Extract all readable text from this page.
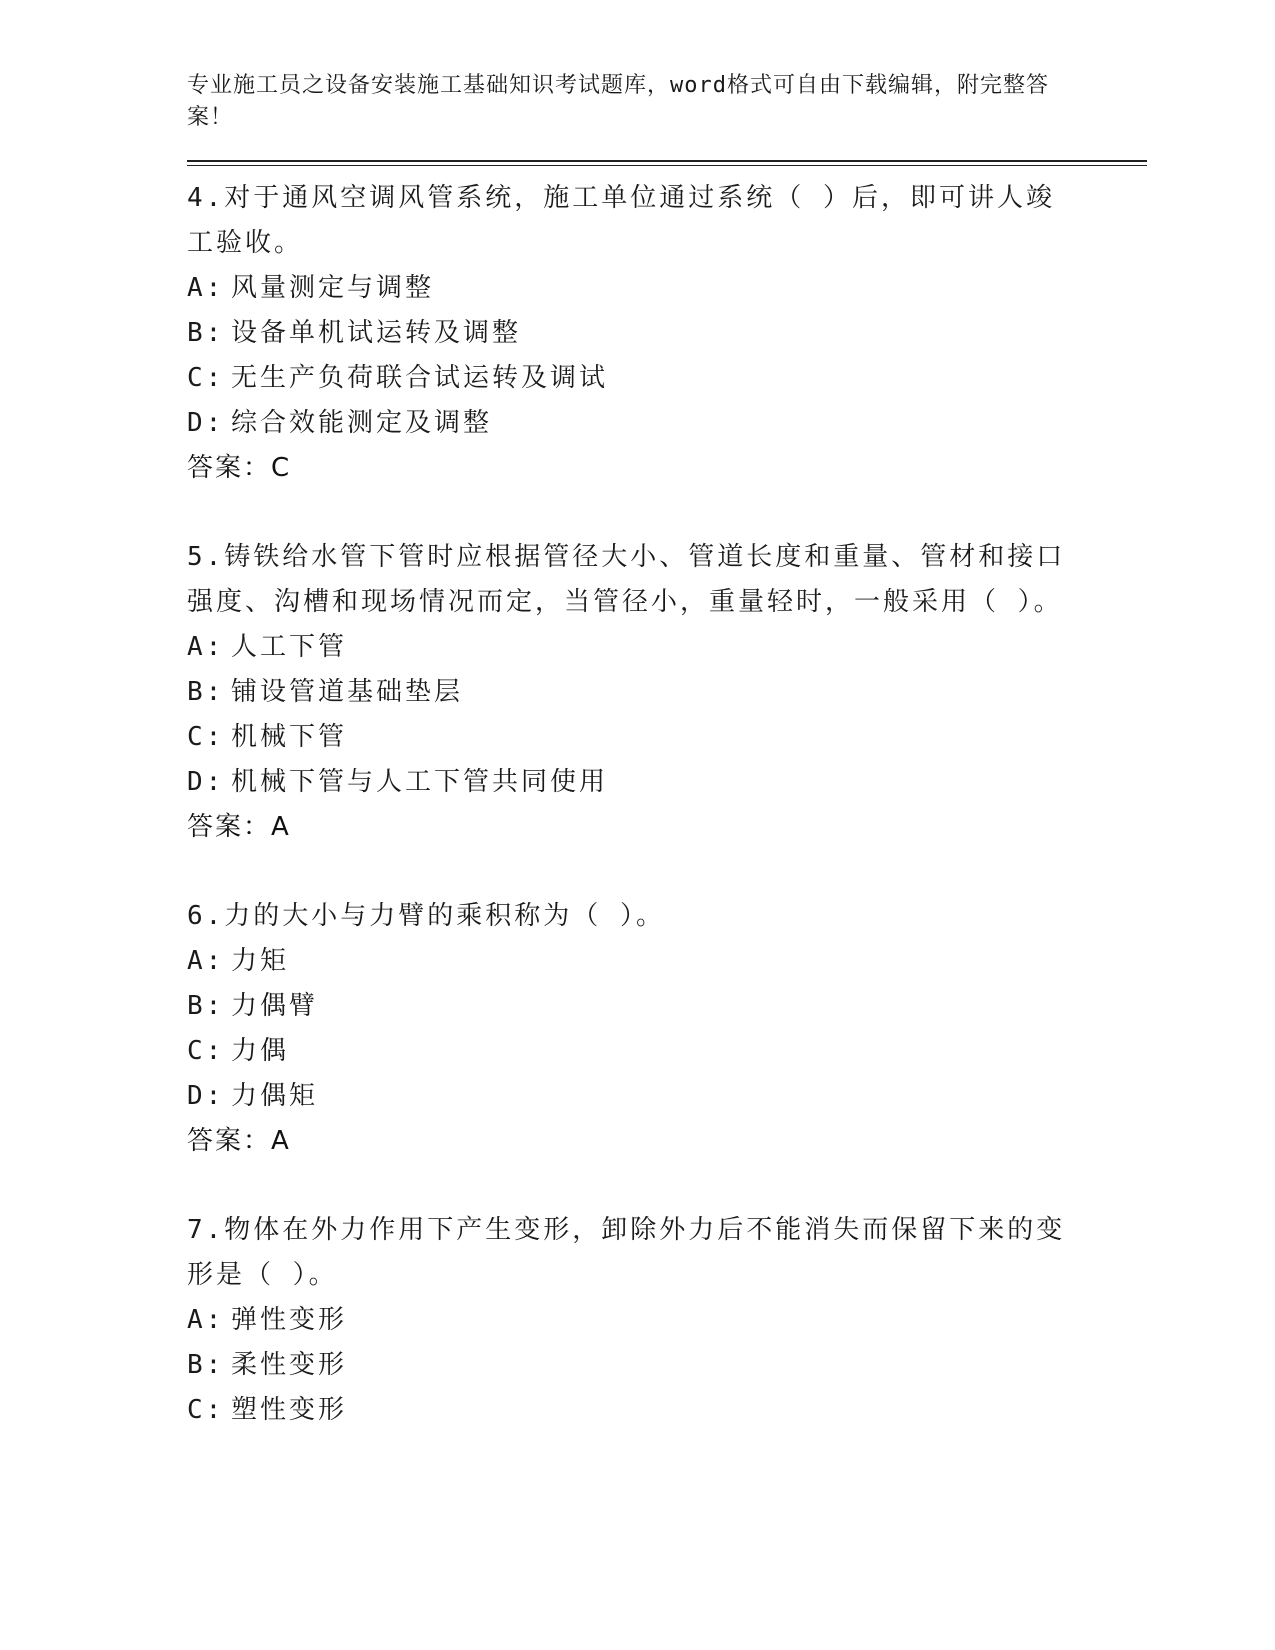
专业施工员之设备安装施工基础知识考试题库，word格式可自由下载编辑，附完整答案！
4.对于通风空调风管系统，施工单位通过系统（ ）后，即可讲人竣工验收。
A: 风量测定与调整
B: 设备单机试运转及调整
C: 无生产负荷联合试运转及调试
D: 综合效能测定及调整
答案：C
5.铸铁给水管下管时应根据管径大小、管道长度和重量、管材和接口强度、沟槽和现场情况而定，当管径小，重量轻时，一般采用（ ）。
A: 人工下管
B: 铺设管道基础垫层
C: 机械下管
D: 机械下管与人工下管共同使用
答案：A
6.力的大小与力臂的乘积称为（ ）。
A: 力矩
B: 力偶臂
C: 力偶
D: 力偶矩
答案：A
7.物体在外力作用下产生变形，卸除外力后不能消失而保留下来的变形是（ ）。
A: 弹性变形
B: 柔性变形
C: 塑性变形
